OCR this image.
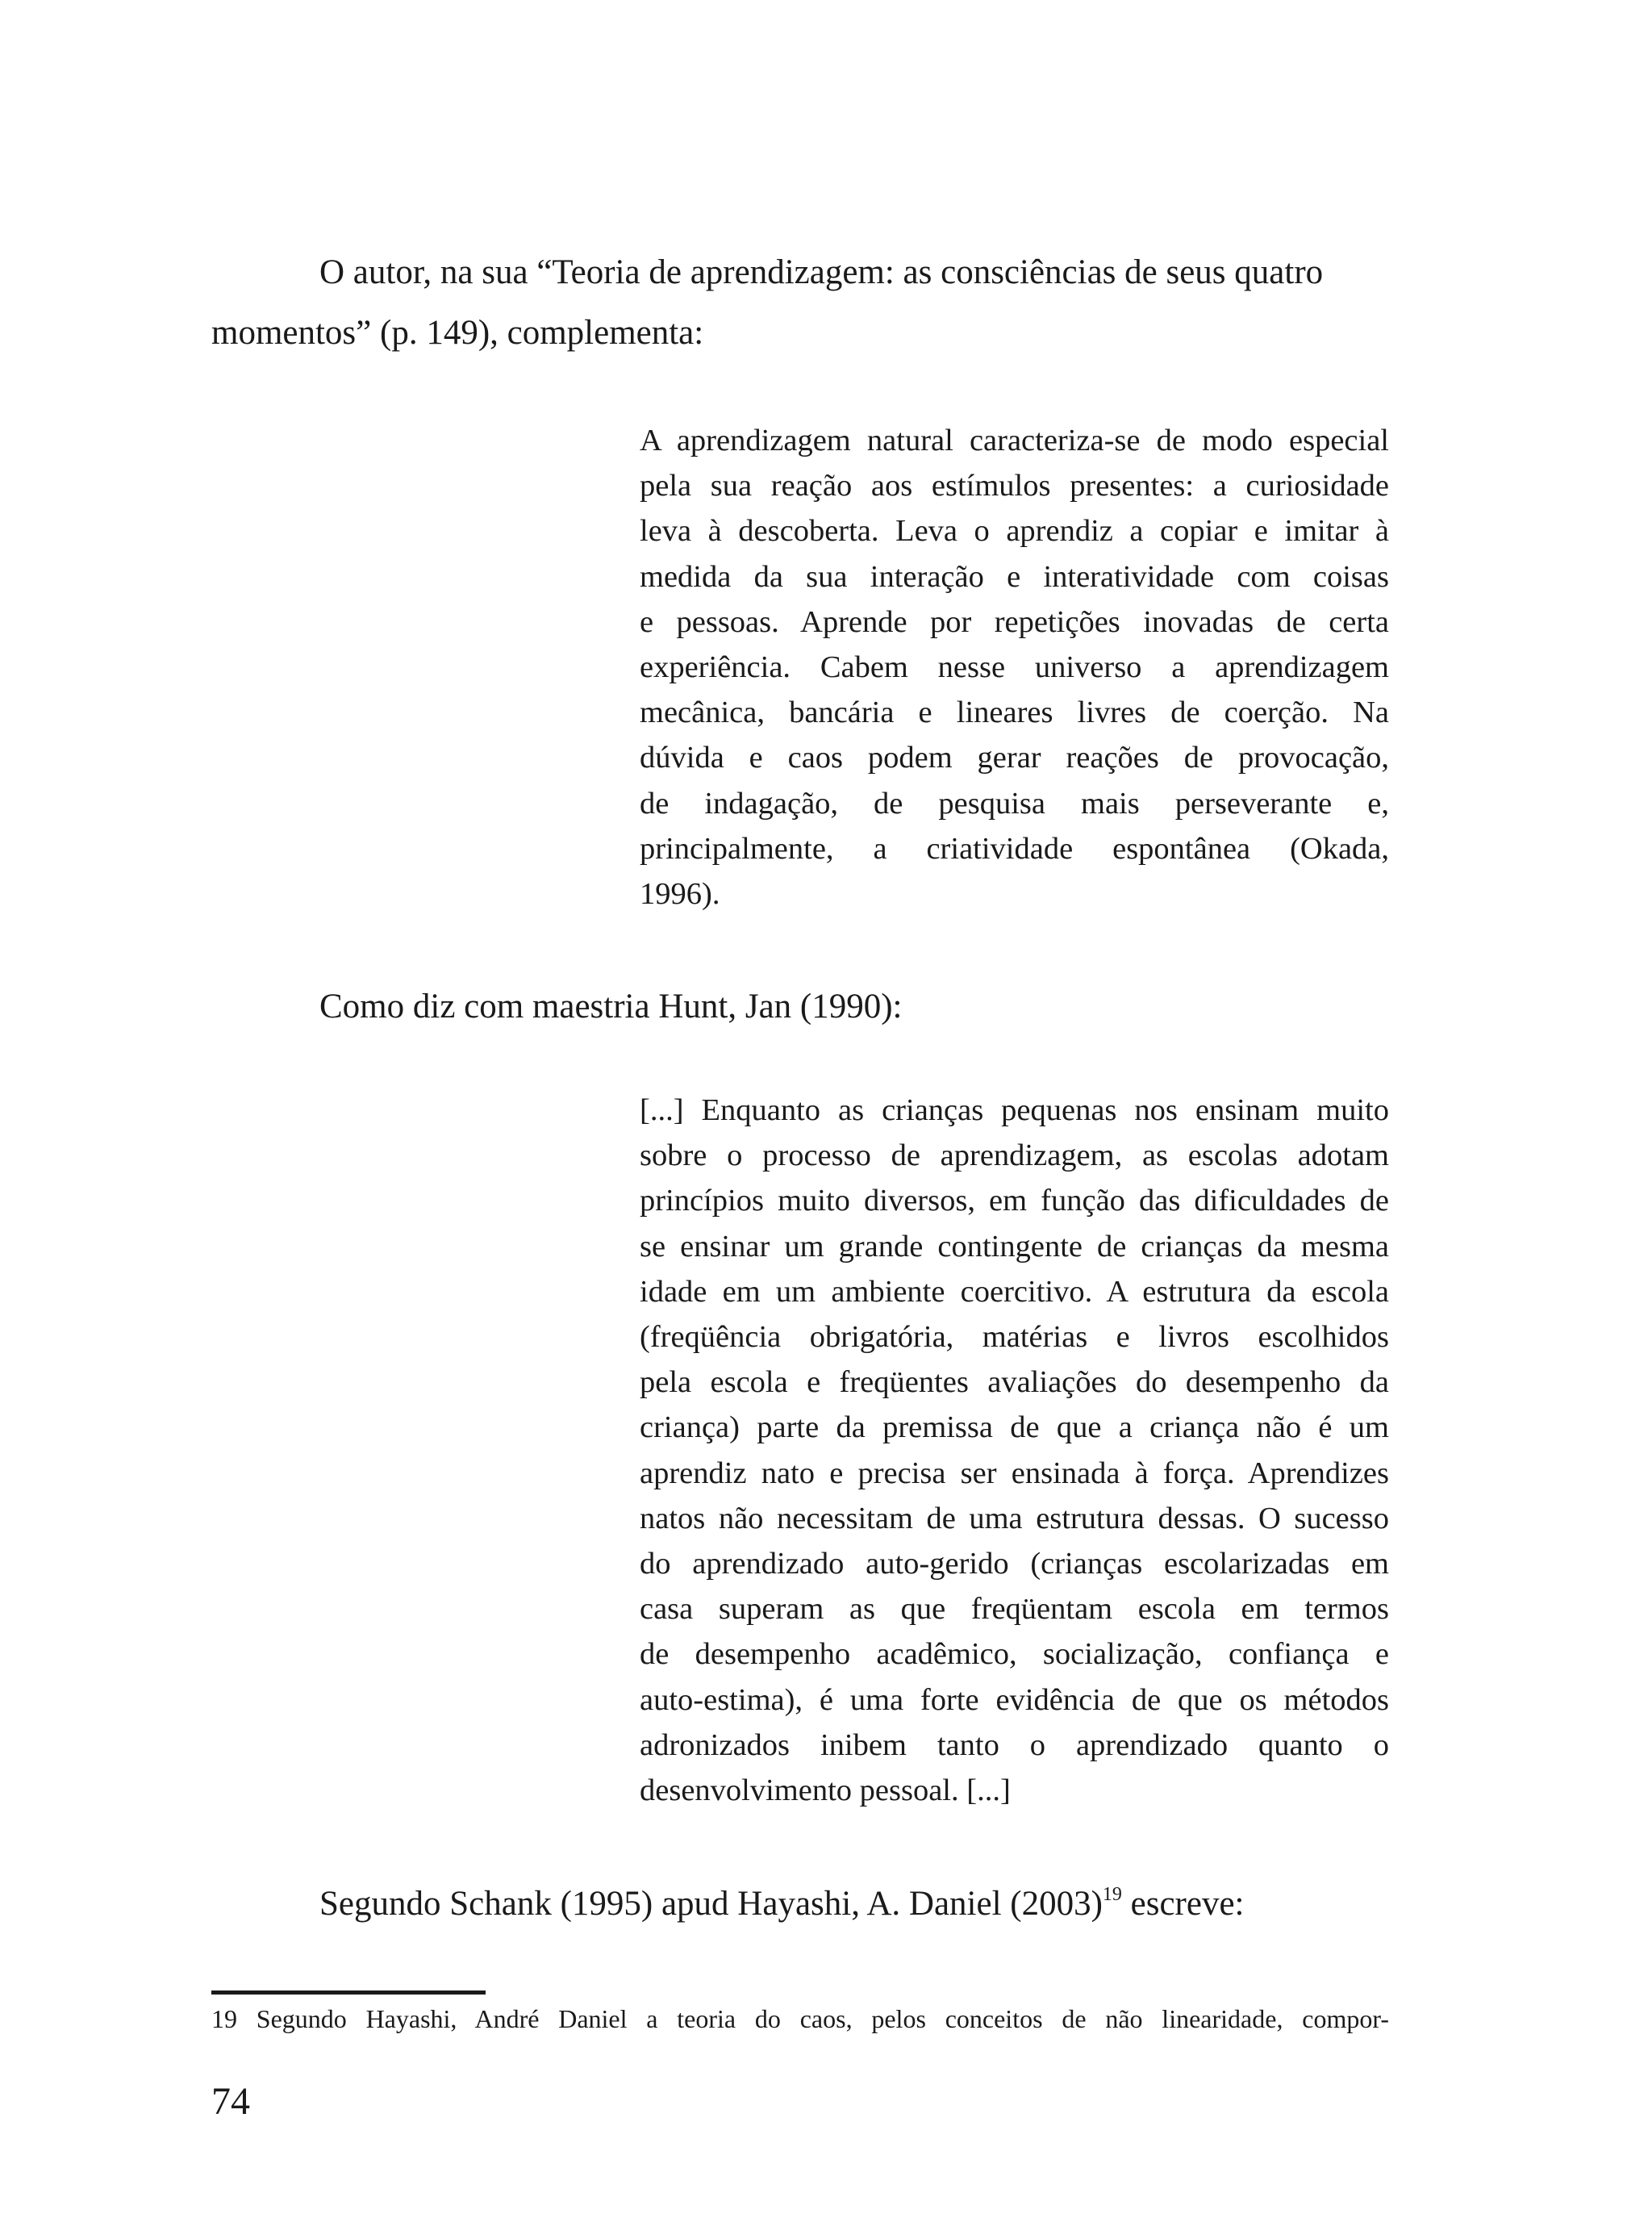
O autor, na sua “Teoria de aprendizagem: as consciências de seus quatro
momentos” (p. 149), complementa:

A aprendizagem natural caracteriza-se de modo especial
pela sua reação aos estímulos presentes: a curiosidade
leva à descoberta. Leva o aprendiz a copiar e imitar à
medida da sua interação e interatividade com coisas
e pessoas. Aprende por repetições inovadas de certa
experiência. Cabem nesse universo a aprendizagem
mecânica, bancária e lineares livres de coerção. Na
dúvida e caos podem gerar reações de provocação,
de indagação, de pesquisa mais perseverante e,
principalmente, a criatividade espontânea (Okada,
1996).

Como diz com maestria Hunt, Jan (1990):

[...] Enquanto as crianças pequenas nos ensinam muito
sobre o processo de aprendizagem, as escolas adotam
princípios muito diversos, em função das dificuldades de
se ensinar um grande contingente de crianças da mesma
idade em um ambiente coercitivo. A estrutura da escola
(freqüência obrigatória, matérias e livros escolhidos
pela escola e freqüentes avaliações do desempenho da
criança) parte da premissa de que a criança não é um
aprendiz nato e precisa ser ensinada à força. Aprendizes
natos não necessitam de uma estrutura dessas. O sucesso
do aprendizado auto-gerido (crianças escolarizadas em
casa superam as que freqüentam escola em termos
de desempenho acadêmico, socialização, confiança e
auto-estima), é uma forte evidência de que os métodos
adronizados inibem tanto o aprendizado quanto o
desenvolvimento pessoal. [...]

Segundo Schank (1995) apud Hayashi, A. Daniel $(2003)^{19}$ escreve:

19 Segundo Hayashi, André Daniel a teoria do caos, pelos conceitos de não linearidade, compor-

74
